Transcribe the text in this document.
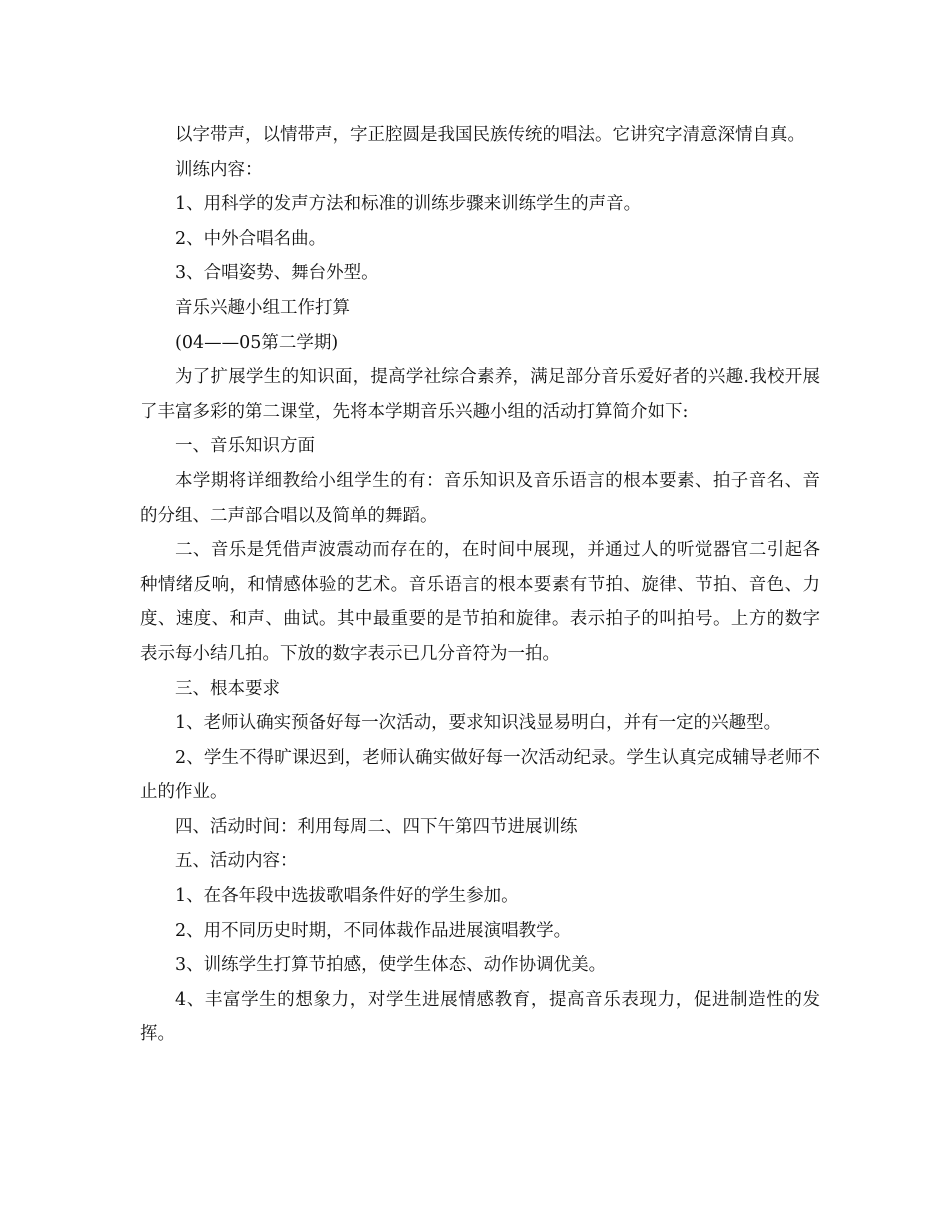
以字带声，以情带声，字正腔圆是我国民族传统的唱法。它讲究字清意深情自真。

训练内容：

1、用科学的发声方法和标准的训练步骤来训练学生的声音。

2、中外合唱名曲。

3、合唱姿势、舞台外型。

音乐兴趣小组工作打算

(04——05第二学期)

为了扩展学生的知识面，提高学社综合素养，满足部分音乐爱好者的兴趣.我校开展了丰富多彩的第二课堂，先将本学期音乐兴趣小组的活动打算简介如下:

一、音乐知识方面

本学期将详细教给小组学生的有：音乐知识及音乐语言的根本要素、拍子音名、音的分组、二声部合唱以及简单的舞蹈。

二、音乐是凭借声波震动而存在的，在时间中展现，并通过人的听觉器官二引起各种情绪反响，和情感体验的艺术。音乐语言的根本要素有节拍、旋律、节拍、音色、力度、速度、和声、曲试。其中最重要的是节拍和旋律。表示拍子的叫拍号。上方的数字表示每小结几拍。下放的数字表示已几分音符为一拍。

三、根本要求

1、老师认确实预备好每一次活动，要求知识浅显易明白，并有一定的兴趣型。

2、学生不得旷课迟到，老师认确实做好每一次活动纪录。学生认真完成辅导老师不止的作业。

四、活动时间：利用每周二、四下午第四节进展训练

五、活动内容：

1、在各年段中选拔歌唱条件好的学生参加。

2、用不同历史时期，不同体裁作品进展演唱教学。

3、训练学生打算节拍感，使学生体态、动作协调优美。

4、丰富学生的想象力，对学生进展情感教育，提高音乐表现力，促进制造性的发挥。
